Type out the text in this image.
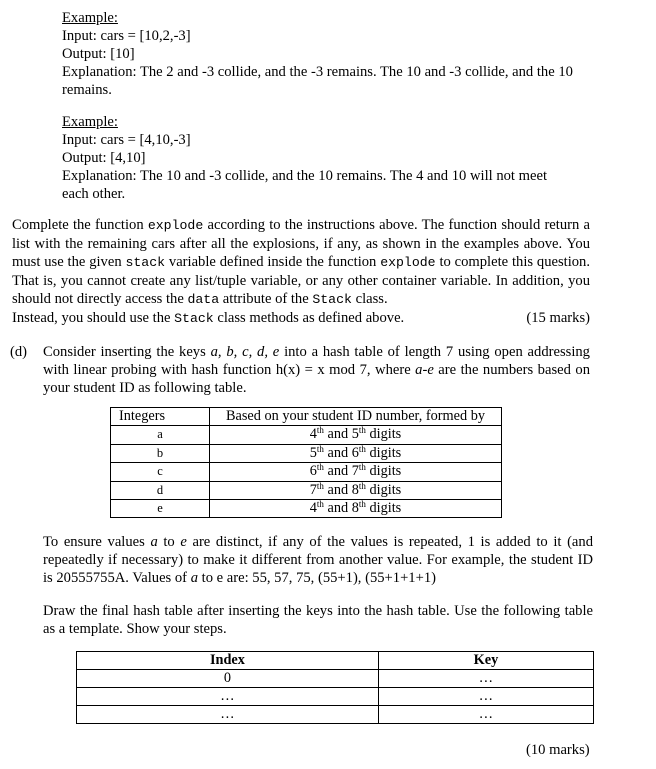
Example:
Input: cars = [10,2,-3]
Output: [10]
Explanation: The 2 and -3 collide, and the -3 remains. The 10 and -3 collide, and the 10
remains.
Example:
Input: cars = [4,10,-3]
Output: [4,10]
Explanation: The 10 and -3 collide, and the 10 remains. The 4 and 10 will not meet
each other.
Complete the function explode according to the instructions above. The function should return a list with the remaining cars after all the explosions, if any, as shown in the examples above. You must use the given stack variable defined inside the function explode to complete this question. That is, you cannot create any list/tuple variable, or any other container variable. In addition, you should not directly access the data attribute of the Stack class.
Instead, you should use the Stack class methods as defined above.	(15 marks)
(d) Consider inserting the keys a, b, c, d, e into a hash table of length 7 using open addressing with linear probing with hash function h(x) = x mod 7, where a-e are the numbers based on your student ID as following table.
Integers	Based on your student ID number, formed by
a	4th and 5th digits
b	5th and 6th digits
c	6th and 7th digits
d	7th and 8th digits
e	4th and 8th digits
To ensure values a to e are distinct, if any of the values is repeated, 1 is added to it (and repeatedly if necessary) to make it different from another value. For example, the student ID is 20555755A. Values of a to e are: 55, 57, 75, (55+1), (55+1+1+1)
Draw the final hash table after inserting the keys into the hash table. Use the following table as a template. Show your steps.
Index	Key
0	…
…	…
…	…
(10 marks)
